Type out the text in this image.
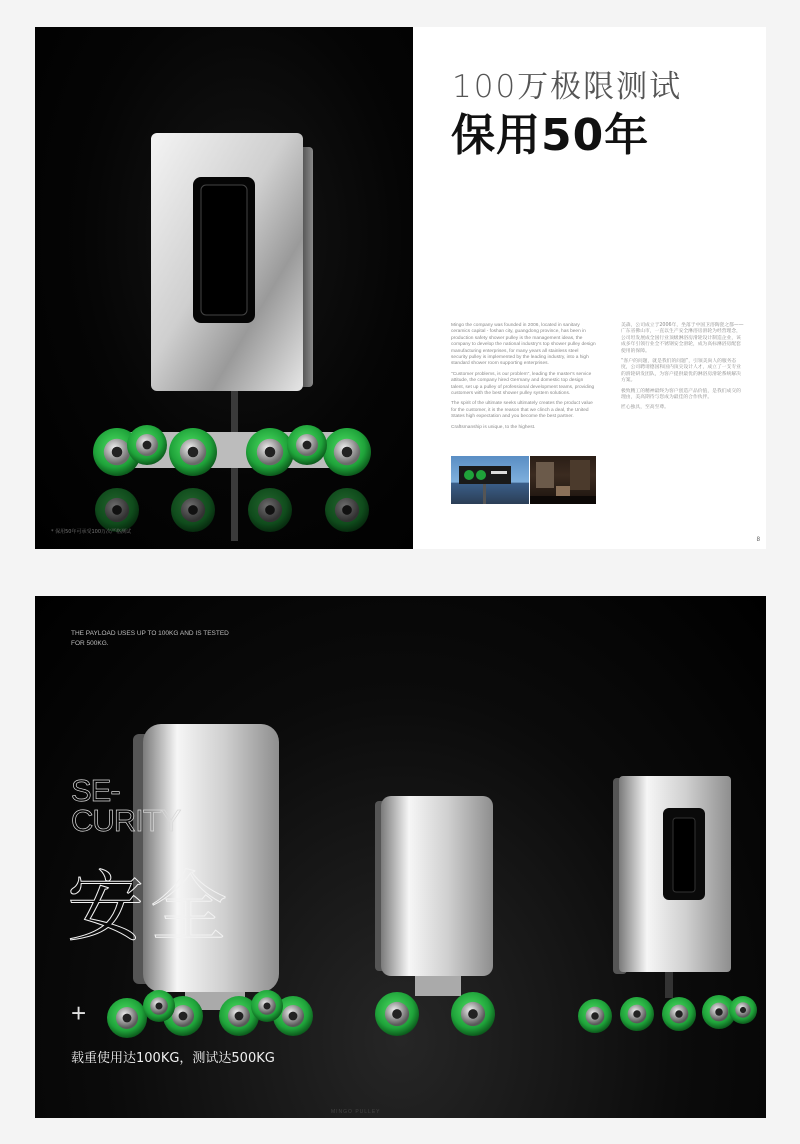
* 保用50年可承受100万次严格测试
100万极限测试
保用50年

Mingo the company was founded in 2006, located in sanitary ceramics capital - foshan city, guangdong province, has been in production safety shower pulley is the management ideas, the company to develop the national industry's top shower pulley design manufacturing enterprises, for many years all stainless steel security pulley is implemented by the leading industry, into a high standard shower room supporting enterprises.

"Customer problems, is our problem", leading the master's service attitude, the company hired Germany and domestic top design talent, set up a pulley of professional development teams, providing customers with the best shower pulley system solutions.

The spirit of the ultimate seeks ultimately creates the product value for the customer, it is the reason that we clinch a deal, the United States high expectation and you become the best partner.

Craftsmanship is unique, to the highest.

美森，公司成立于2006年，坐落于中国卫浴陶瓷之都——广东省佛山市，一直以生产安全淋浴房滑轮为经营理念，公司坦发展成全国行业顶级淋浴房滑轮设计制造企业，该成多年引领行业全不锈钢安全滑轮，成为高标淋浴房配套使用的保障。

“客户的问题，就是我们的问题”，引领美尚人的服务态度，公司聘请德国和国内顶尖设计人才，成立了一支专业的滑轮研发团队，为客户提供最优的淋浴房滑轮系统解决方案。

极致精工的精神最终为客户创造产品价值，是我们成交的理由，美高期待与您成为最佳的合作伙伴。

匠心独具，至高至尊。

8
THE PAYLOAD USES UP TO 100KG AND IS TESTED FOR 500KG.
SE-
CURITY
安全
+
载重使用达100KG，测试达500KG
MINGO PULLEY
